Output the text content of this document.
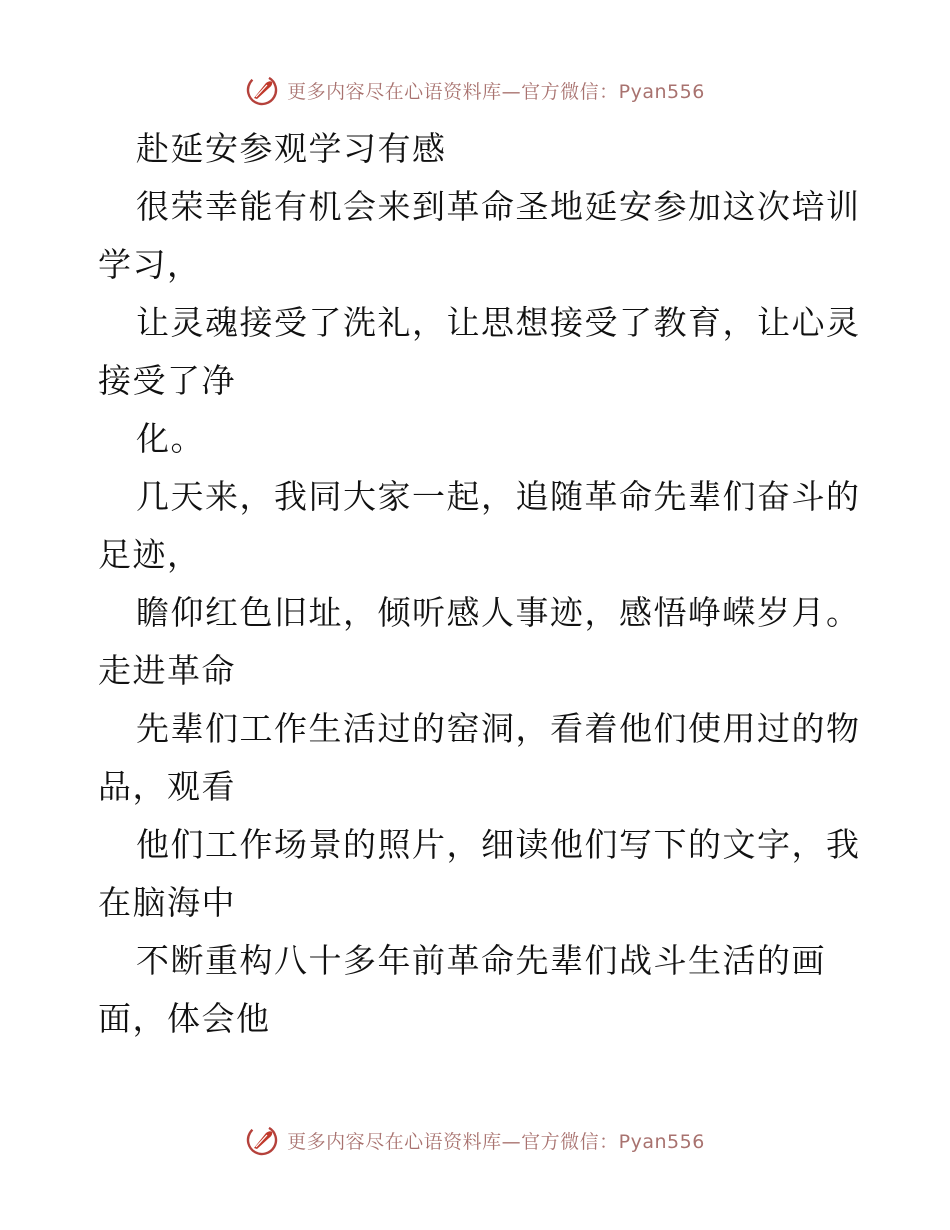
更多内容尽在心语资料库—官方微信：Pyan556
赴延安参观学习有感
很荣幸能有机会来到革命圣地延安参加这次培训
学习，
让灵魂接受了洗礼，让思想接受了教育，让心灵
接受了净
化。
几天来，我同大家一起，追随革命先辈们奋斗的
足迹，
瞻仰红色旧址，倾听感人事迹，感悟峥嵘岁月。
走进革命
先辈们工作生活过的窑洞，看着他们使用过的物
品，观看
他们工作场景的照片，细读他们写下的文字，我
在脑海中
不断重构八十多年前革命先辈们战斗生活的画
面，体会他
更多内容尽在心语资料库—官方微信：Pyan556
